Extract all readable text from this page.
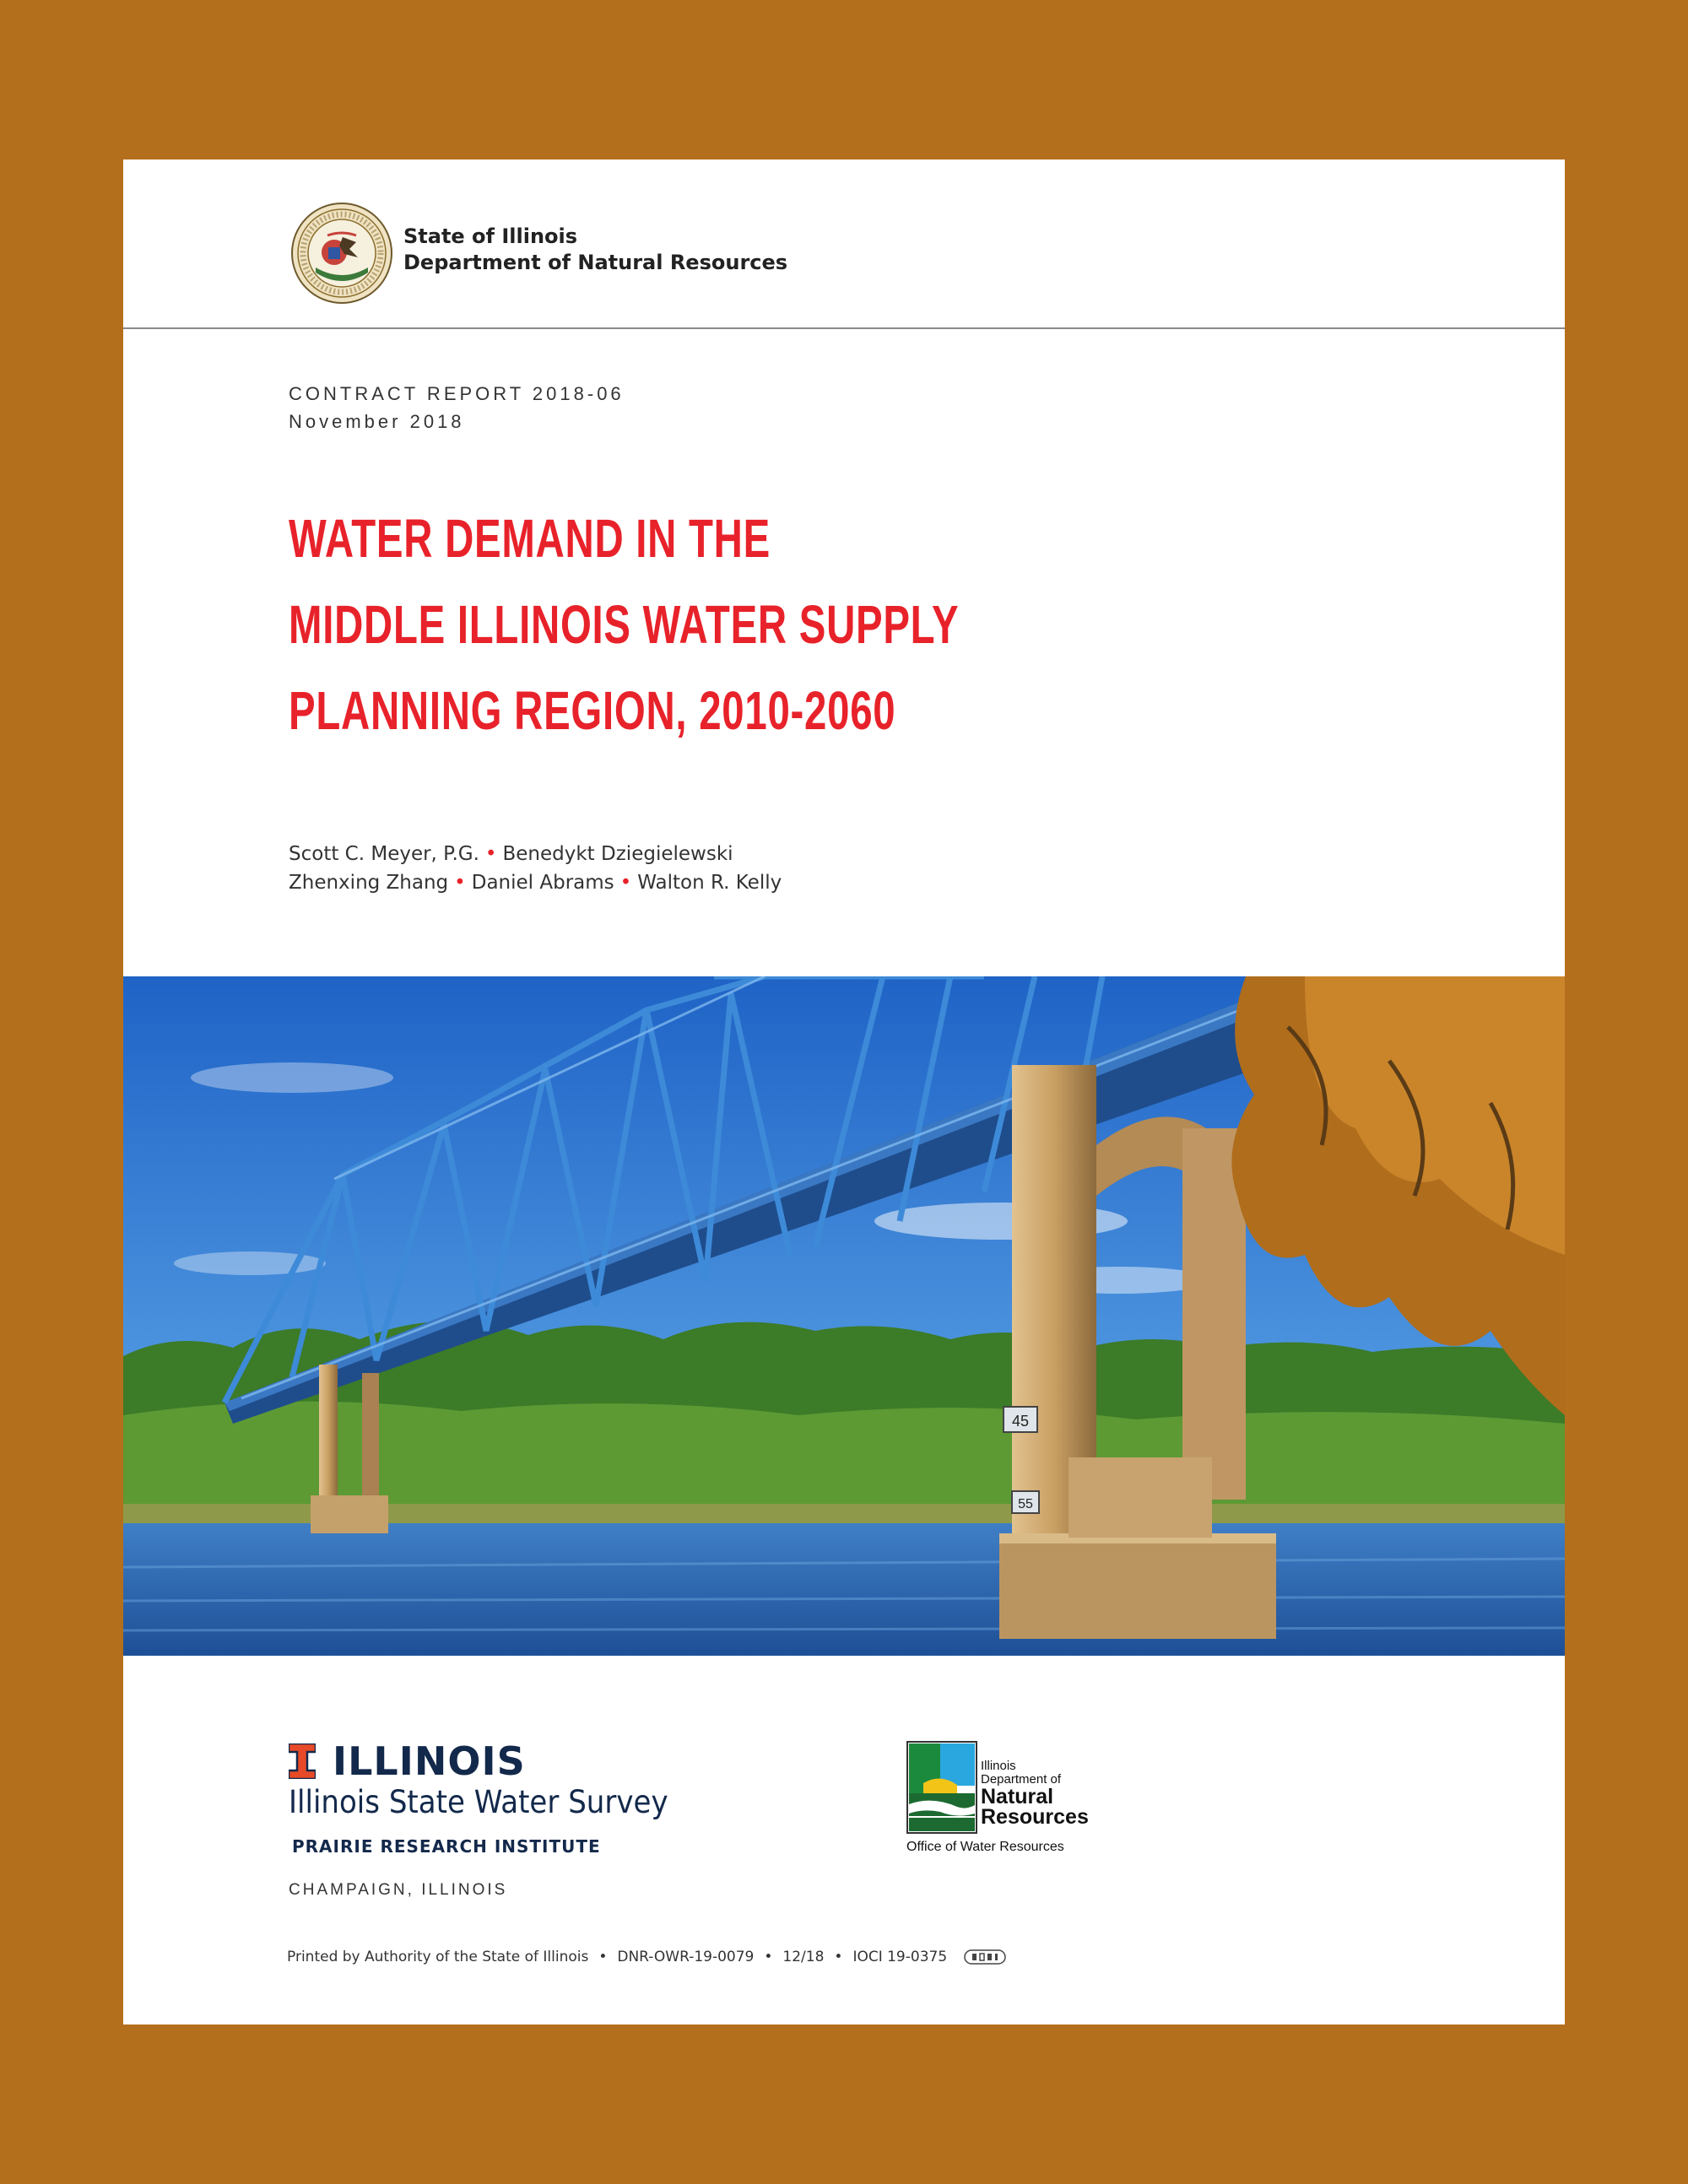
State of Illinois
Department of Natural Resources
CONTRACT REPORT 2018-06
November 2018
WATER DEMAND IN THE
MIDDLE ILLINOIS WATER SUPPLY
PLANNING REGION, 2010-2060
Scott C. Meyer, P.G. • Benedykt Dziegielewski
Zhenxing Zhang • Daniel Abrams • Walton R. Kelly
45
55
ILLINOIS
Illinois State Water Survey
PRAIRIE RESEARCH INSTITUTE
CHAMPAIGN, ILLINOIS
Illinois
Department of
Natural
Resources
Office of Water Resources
Printed by Authority of the State of Illinois • DNR-OWR-19-0079 • 12/18 • IOCI 19-0375
